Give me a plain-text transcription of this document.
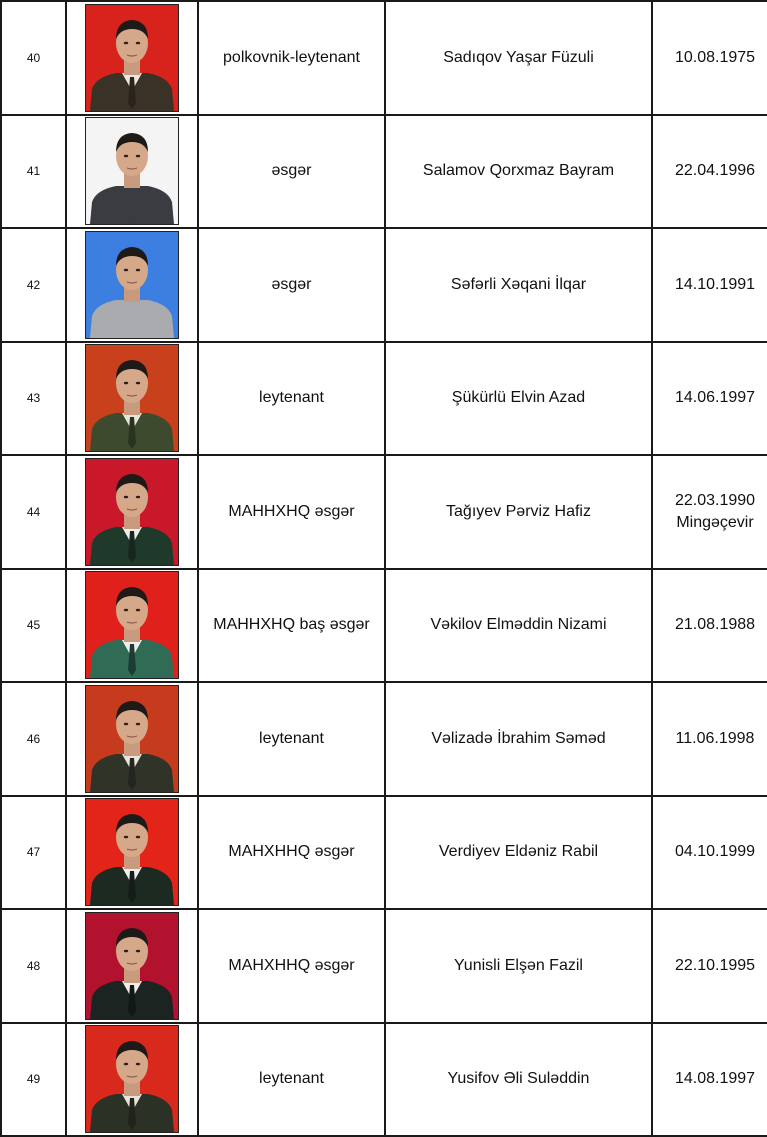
40		polkovnik-leytenant	Sadıqov Yaşar Füzuli	10.08.1975

41		əsgər	Salamov Qorxmaz Bayram	22.04.1996

42		əsgər	Səfərli Xəqani İlqar	14.10.1991

43		leytenant	Şükürlü Elvin Azad	14.06.1997

44		MAHHXHQ əsgər	Tağıyev Pərviz Hafiz	22.03.1990
Mingəçevir

45		MAHHXHQ baş əsgər	Vəkilov Elməddin Nizami	21.08.1988

46		leytenant	Vəlizadə İbrahim Səməd	11.06.1998

47		MAHXHHQ əsgər	Verdiyev Eldəniz Rabil	04.10.1999

48		MAHXHHQ əsgər	Yunisli Elşən Fazil	22.10.1995

49		leytenant	Yusifov Əli Suləddin	14.08.1997
